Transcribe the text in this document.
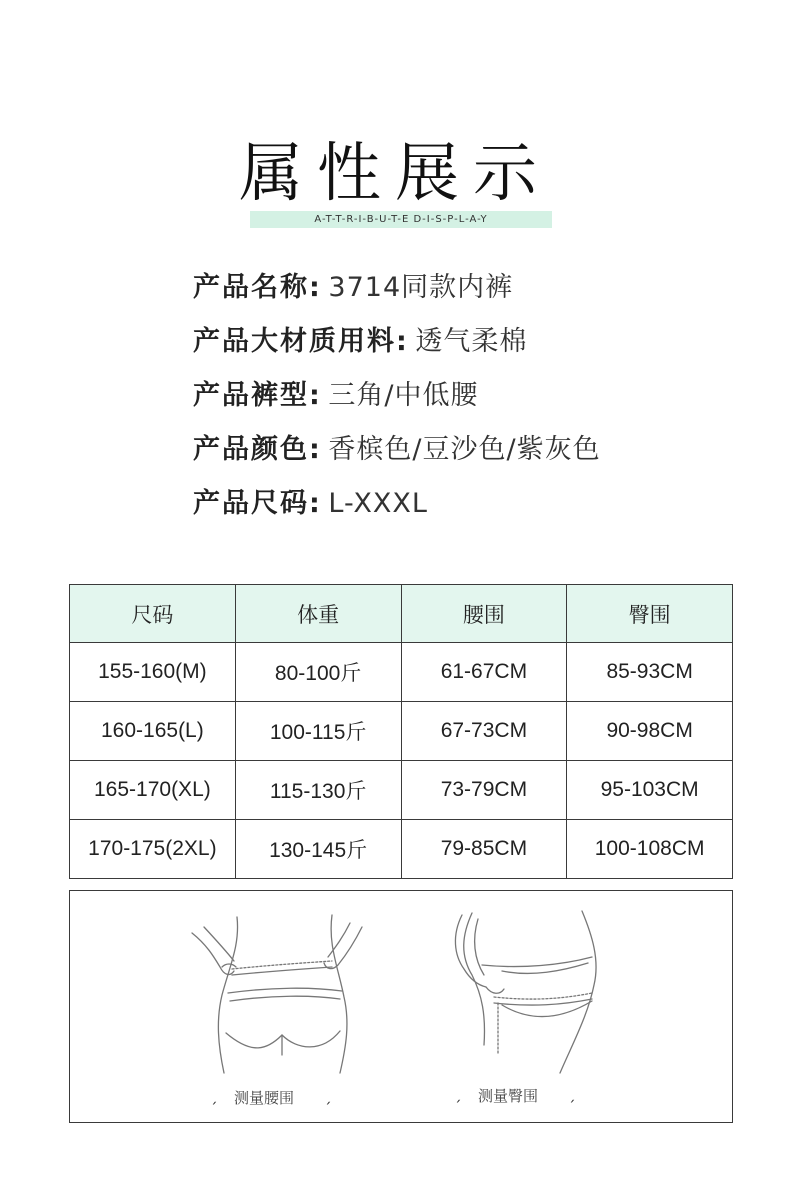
属性展示
A-T-T-R-I-B-U-T-E D-I-S-P-L-A-Y
产品名称: 3714同款内裤
产品大材质用料: 透气柔棉
产品裤型: 三角/中低腰
产品颜色: 香槟色/豆沙色/紫灰色
产品尺码: L-XXXL
尺码	体重	腰围	臀围
155-160(M)	80-100斤	61-67CM	85-93CM
160-165(L)	100-115斤	67-73CM	90-98CM
165-170(XL)	115-130斤	73-79CM	95-103CM
170-175(2XL)	130-145斤	79-85CM	100-108CM
ˏ 测量腰围 ˏ	ˏ 测量臀围 ˏ
